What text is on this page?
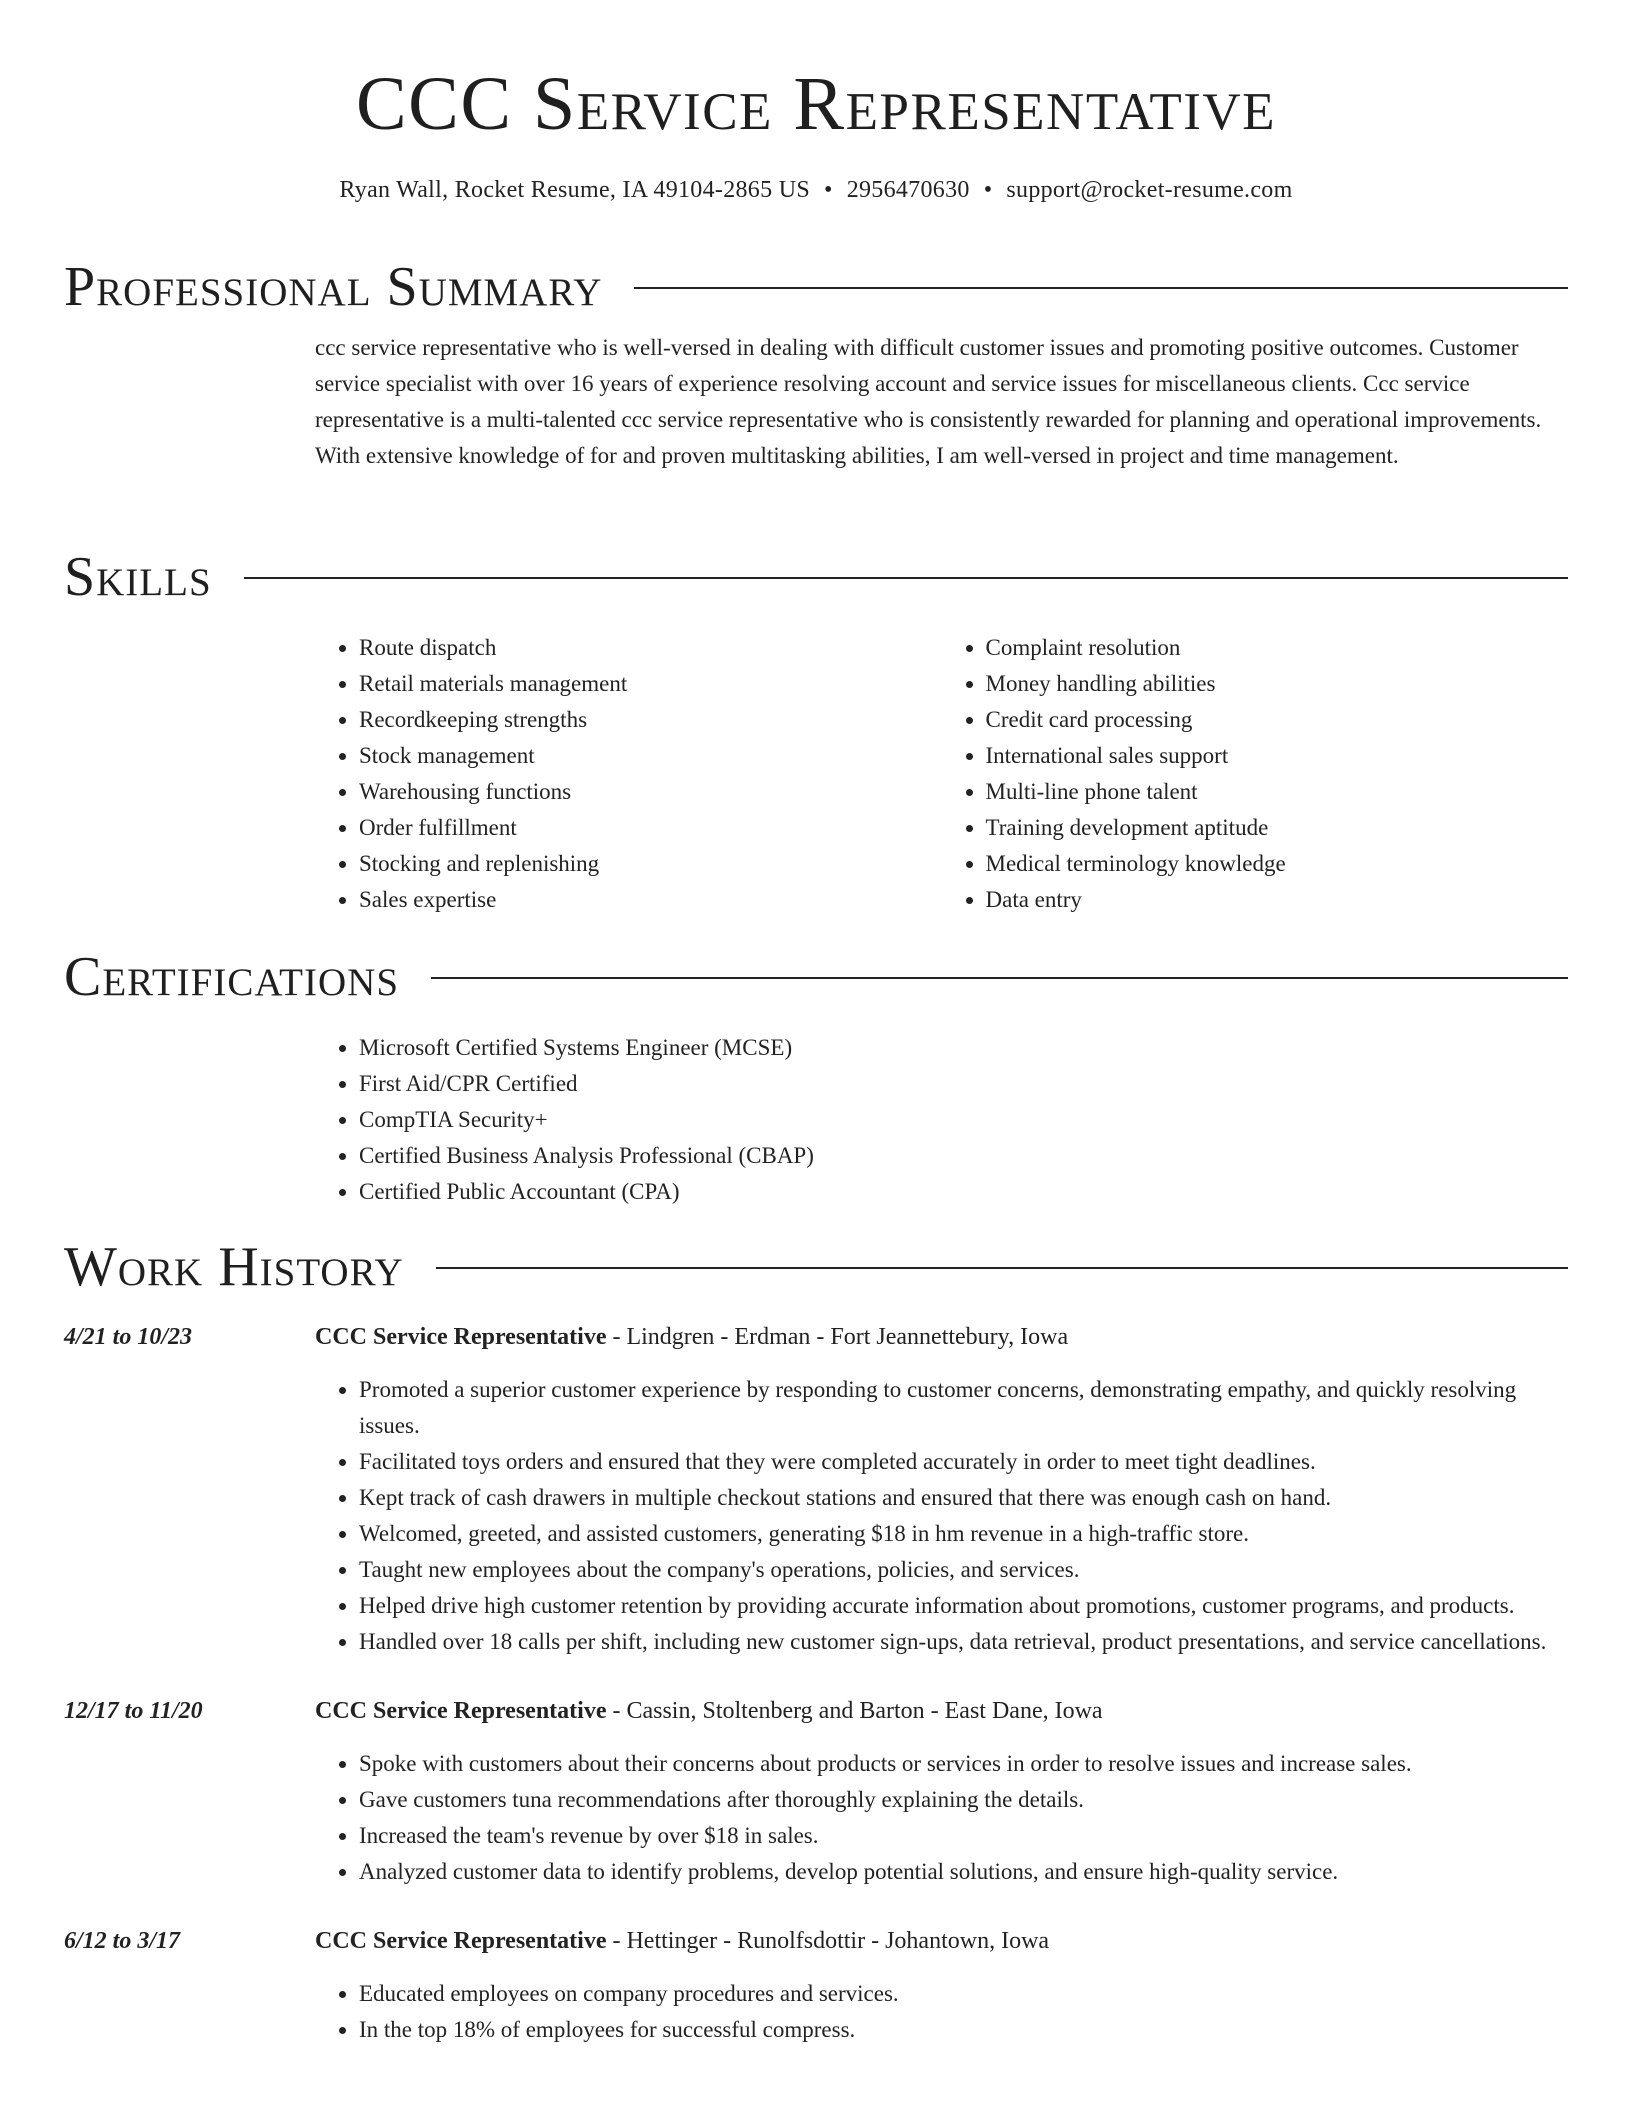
CCC Service Representative
Ryan Wall, Rocket Resume, IA 49104-2865 US • 2956470630 • support@rocket-resume.com
Professional Summary

ccc service representative who is well-versed in dealing with difficult customer issues and promoting positive outcomes. Customer service specialist with over 16 years of experience resolving account and service issues for miscellaneous clients. Ccc service representative is a multi-talented ccc service representative who is consistently rewarded for planning and operational improvements. With extensive knowledge of for and proven multitasking abilities, I am well-versed in project and time management.

Skills
• Route dispatch
• Retail materials management
• Recordkeeping strengths
• Stock management
• Warehousing functions
• Order fulfillment
• Stocking and replenishing
• Sales expertise
• Complaint resolution
• Money handling abilities
• Credit card processing
• International sales support
• Multi-line phone talent
• Training development aptitude
• Medical terminology knowledge
• Data entry
Certifications
• Microsoft Certified Systems Engineer (MCSE)
• First Aid/CPR Certified
• CompTIA Security+
• Certified Business Analysis Professional (CBAP)
• Certified Public Accountant (CPA)
Work History
4/21 to 10/23	CCC Service Representative - Lindgren - Erdman - Fort Jeannettebury, Iowa
• Promoted a superior customer experience by responding to customer concerns, demonstrating empathy, and quickly resolving issues.
• Facilitated toys orders and ensured that they were completed accurately in order to meet tight deadlines.
• Kept track of cash drawers in multiple checkout stations and ensured that there was enough cash on hand.
• Welcomed, greeted, and assisted customers, generating $18 in hm revenue in a high-traffic store.
• Taught new employees about the company's operations, policies, and services.
• Helped drive high customer retention by providing accurate information about promotions, customer programs, and products.
• Handled over 18 calls per shift, including new customer sign-ups, data retrieval, product presentations, and service cancellations.
12/17 to 11/20	CCC Service Representative - Cassin, Stoltenberg and Barton - East Dane, Iowa
• Spoke with customers about their concerns about products or services in order to resolve issues and increase sales.
• Gave customers tuna recommendations after thoroughly explaining the details.
• Increased the team's revenue by over $18 in sales.
• Analyzed customer data to identify problems, develop potential solutions, and ensure high-quality service.
6/12 to 3/17	CCC Service Representative - Hettinger - Runolfsdottir - Johantown, Iowa
• Educated employees on company procedures and services.
• In the top 18% of employees for successful compress.
